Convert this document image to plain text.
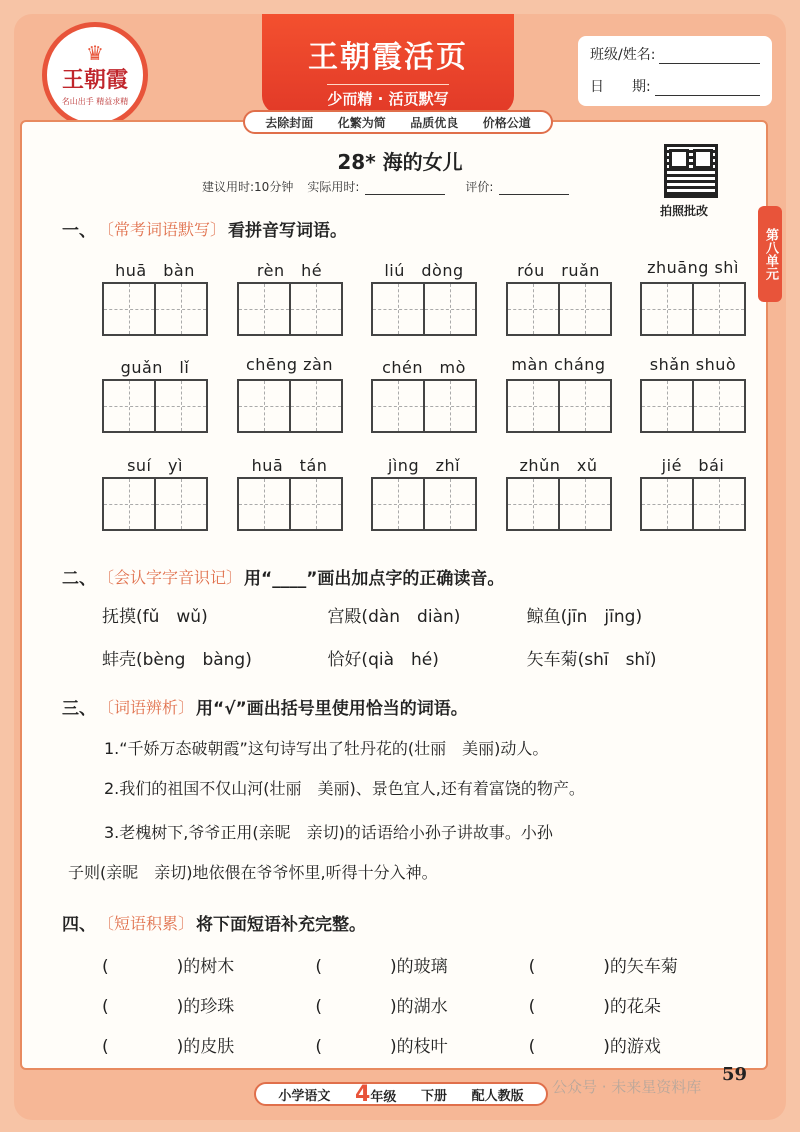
♛
王朝霞
名山出手 精益求精
王朝霞活页
少而精 · 活页默写
班级/姓名:
日　　期:
去除封面 化繁为简 品质优良 价格公道
28* 海的女儿
建议用时:10分钟 实际用时:	评价:
拍照批改
第八单元
一、 〔常考词语默写〕 看拼音写词语。
huā　bàn	rèn　hé	liú　dòng	róu　ruǎn	zhuāng shì
guǎn　lǐ	chēng zàn	chén　mò	màn cháng	shǎn shuò
suí　yì	huā　tán	jìng　zhǐ	zhǔn　xǔ	jié　bái
二、 〔会认字字音识记〕 用“____”画出加点字的正确读音。
抚摸(fǔ　wǔ)	宫殿(dàn　diàn)	鲸鱼(jīn　jīng)
蚌壳(bèng　bàng)	恰好(qià　hé)	矢车菊(shī　shǐ)
三、 〔词语辨析〕 用“√”画出括号里使用恰当的词语。
1.“千娇万态破朝霞”这句诗写出了牡丹花的(壮丽　美丽)动人。
2.我们的祖国不仅山河(壮丽　美丽)、景色宜人,还有着富饶的物产。
3.老槐树下,爷爷正用(亲昵　亲切)的话语给小孙子讲故事。小孙
子则(亲昵　亲切)地依偎在爷爷怀里,听得十分入神。
四、 〔短语积累〕 将下面短语补充完整。
(　　　　)的树木	(　　　　)的玻璃	(　　　　)的矢车菊
(　　　　)的珍珠	(　　　　)的湖水	(　　　　)的花朵
(　　　　)的皮肤	(　　　　)的枝叶	(　　　　)的游戏
小学语文 4年级 下册 配人教版 公众号 · 未来星资料库
59
